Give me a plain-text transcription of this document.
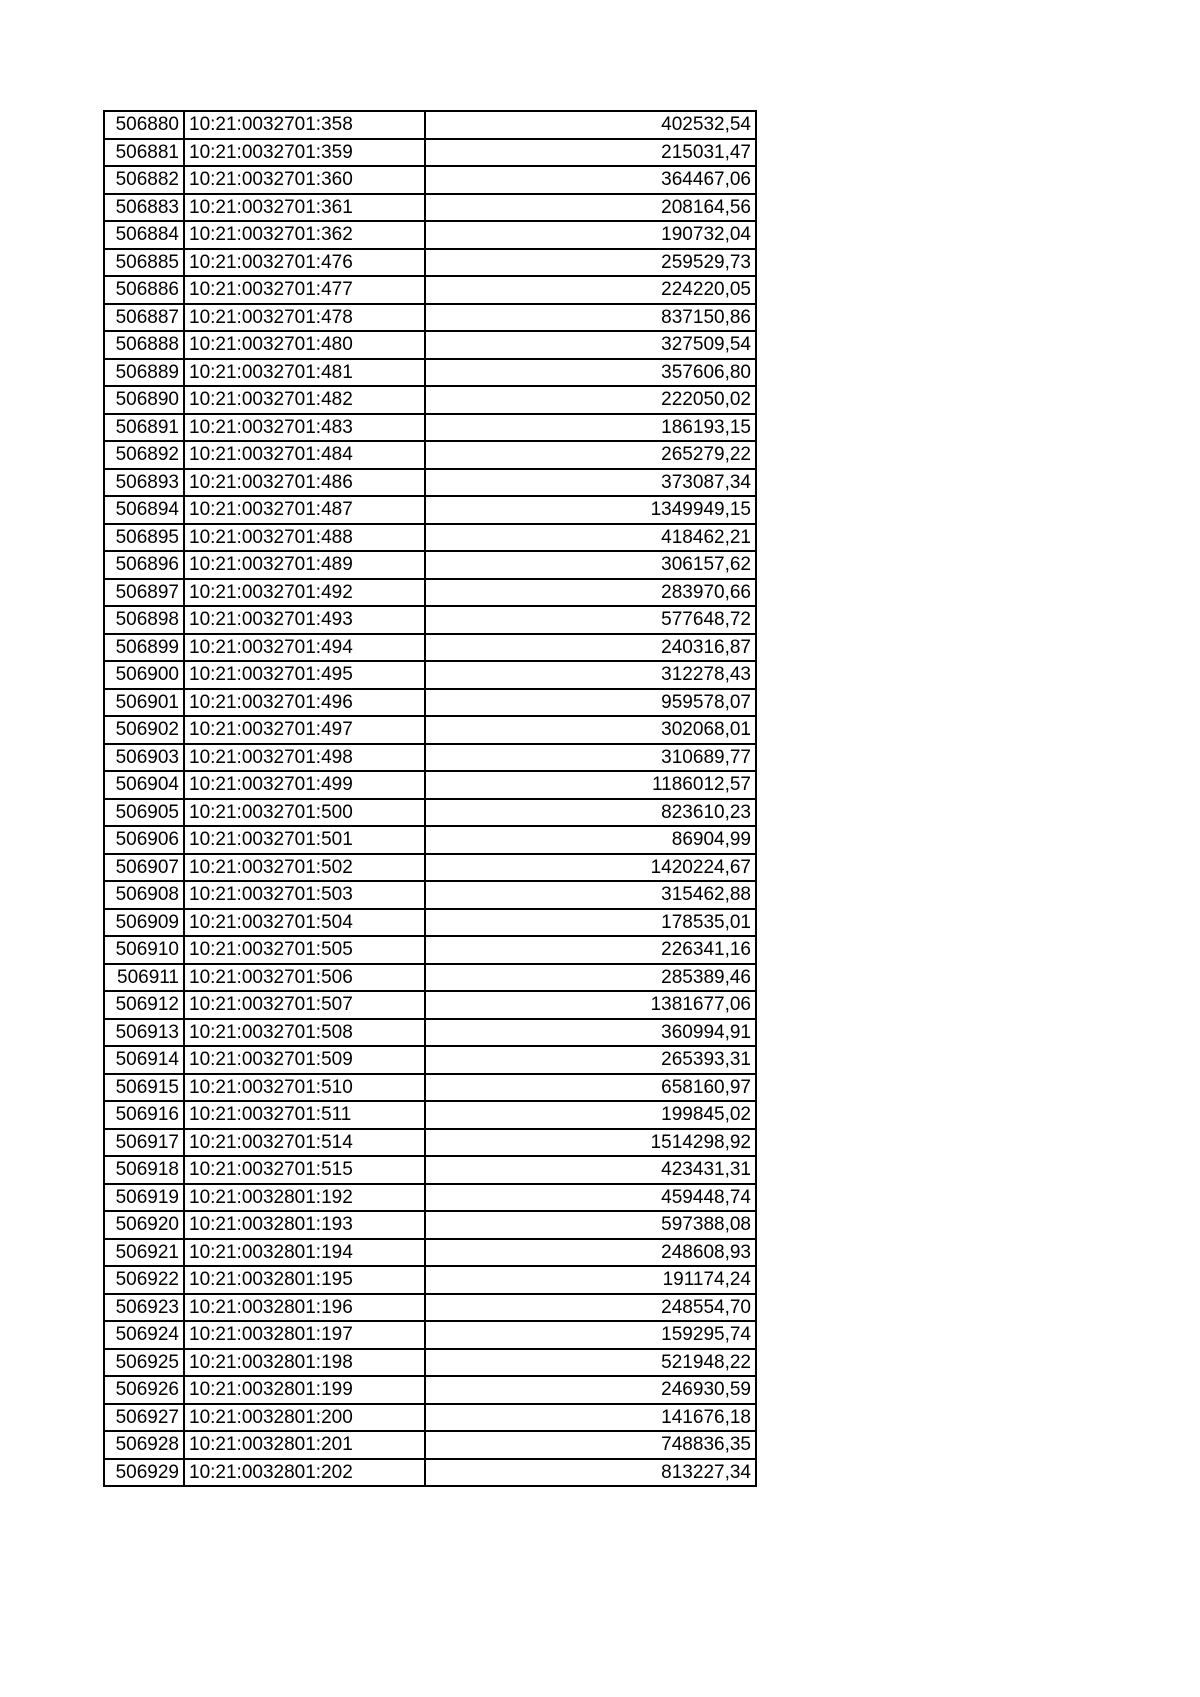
506880	10:21:0032701:358	402532,54
506881	10:21:0032701:359	215031,47
506882	10:21:0032701:360	364467,06
506883	10:21:0032701:361	208164,56
506884	10:21:0032701:362	190732,04
506885	10:21:0032701:476	259529,73
506886	10:21:0032701:477	224220,05
506887	10:21:0032701:478	837150,86
506888	10:21:0032701:480	327509,54
506889	10:21:0032701:481	357606,80
506890	10:21:0032701:482	222050,02
506891	10:21:0032701:483	186193,15
506892	10:21:0032701:484	265279,22
506893	10:21:0032701:486	373087,34
506894	10:21:0032701:487	1349949,15
506895	10:21:0032701:488	418462,21
506896	10:21:0032701:489	306157,62
506897	10:21:0032701:492	283970,66
506898	10:21:0032701:493	577648,72
506899	10:21:0032701:494	240316,87
506900	10:21:0032701:495	312278,43
506901	10:21:0032701:496	959578,07
506902	10:21:0032701:497	302068,01
506903	10:21:0032701:498	310689,77
506904	10:21:0032701:499	1186012,57
506905	10:21:0032701:500	823610,23
506906	10:21:0032701:501	86904,99
506907	10:21:0032701:502	1420224,67
506908	10:21:0032701:503	315462,88
506909	10:21:0032701:504	178535,01
506910	10:21:0032701:505	226341,16
506911	10:21:0032701:506	285389,46
506912	10:21:0032701:507	1381677,06
506913	10:21:0032701:508	360994,91
506914	10:21:0032701:509	265393,31
506915	10:21:0032701:510	658160,97
506916	10:21:0032701:511	199845,02
506917	10:21:0032701:514	1514298,92
506918	10:21:0032701:515	423431,31
506919	10:21:0032801:192	459448,74
506920	10:21:0032801:193	597388,08
506921	10:21:0032801:194	248608,93
506922	10:21:0032801:195	191174,24
506923	10:21:0032801:196	248554,70
506924	10:21:0032801:197	159295,74
506925	10:21:0032801:198	521948,22
506926	10:21:0032801:199	246930,59
506927	10:21:0032801:200	141676,18
506928	10:21:0032801:201	748836,35
506929	10:21:0032801:202	813227,34
